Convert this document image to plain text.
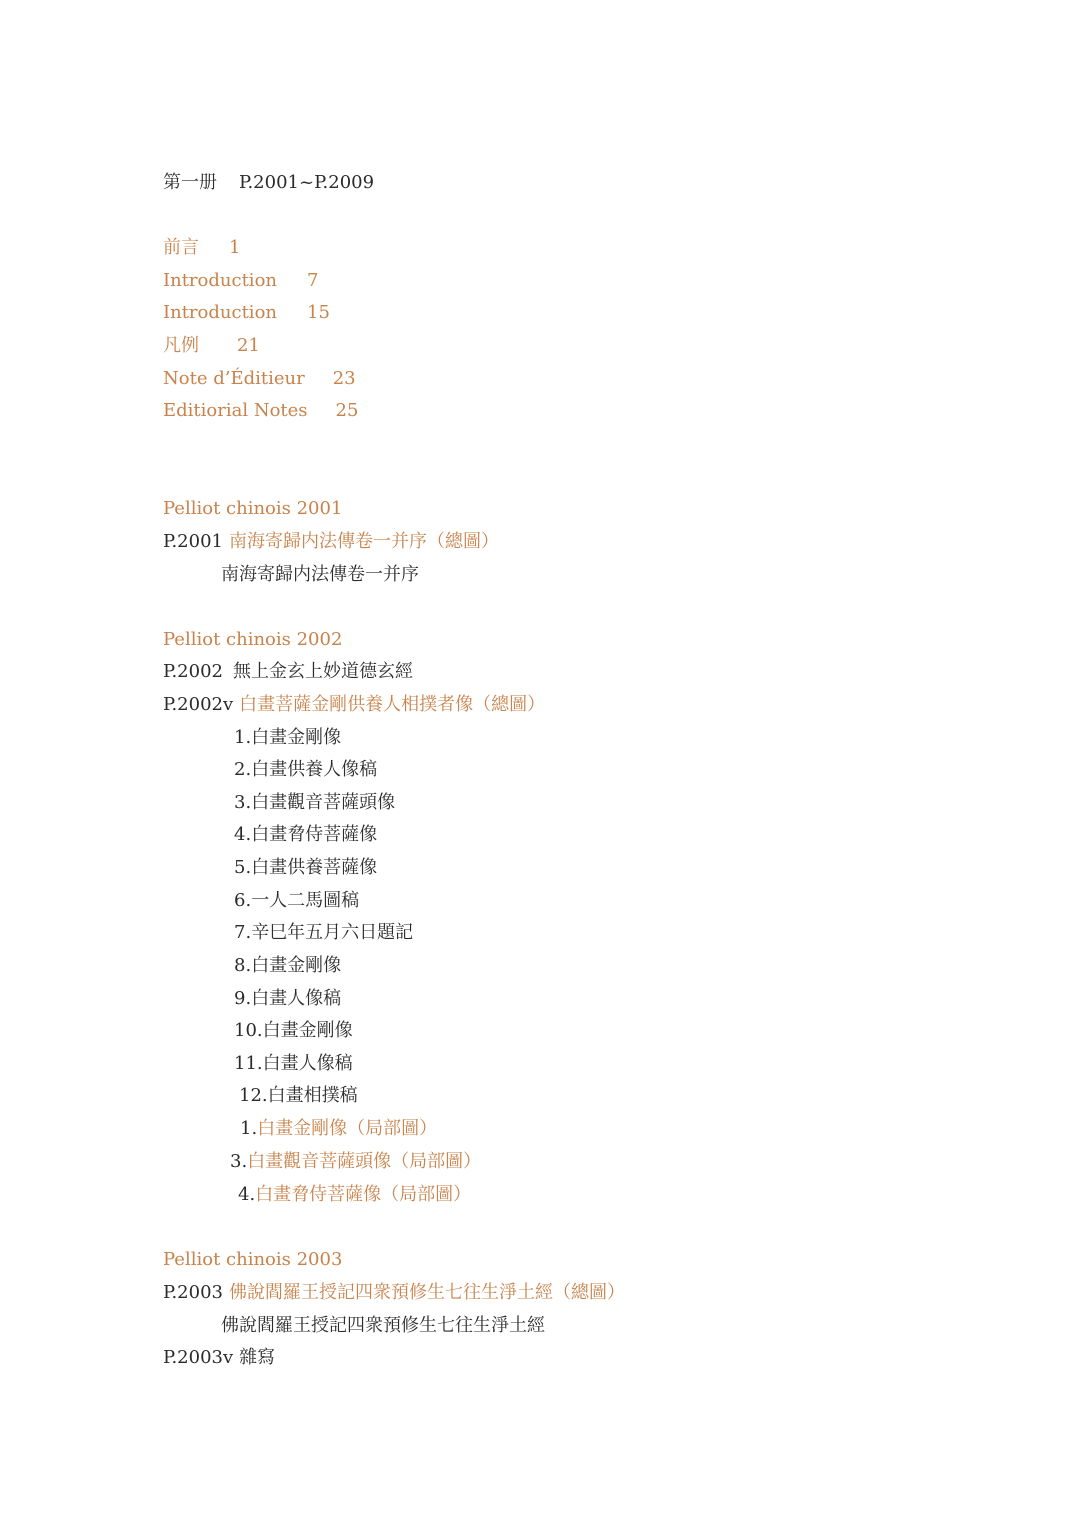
第一册 P.2001~P.2009
前言 1
Introduction 7
Introduction 15
凡例 21
Note d’Éditieur 23
Editiorial Notes 25
Pelliot chinois 2001
P.2001 南海寄歸内法傳卷一并序（總圖）
南海寄歸内法傳卷一并序
Pelliot chinois 2002
P.2002 無上金玄上妙道德玄經
P.2002v 白畫菩薩金剛供養人相撲者像（總圖）
1.白畫金剛像
2.白畫供養人像稿
3.白畫觀音菩薩頭像
4.白畫脅侍菩薩像
5.白畫供養菩薩像
6.一人二馬圖稿
7.辛巳年五月六日題記
8.白畫金剛像
9.白畫人像稿
10.白畫金剛像
11.白畫人像稿
12.白畫相撲稿
1.白畫金剛像（局部圖）
3.白畫觀音菩薩頭像（局部圖）
4.白畫脅侍菩薩像（局部圖）
Pelliot chinois 2003
P.2003 佛說閻羅王授記四衆預修生七往生淨土經（總圖）
佛說閻羅王授記四衆預修生七往生淨土經
P.2003v 雜寫
